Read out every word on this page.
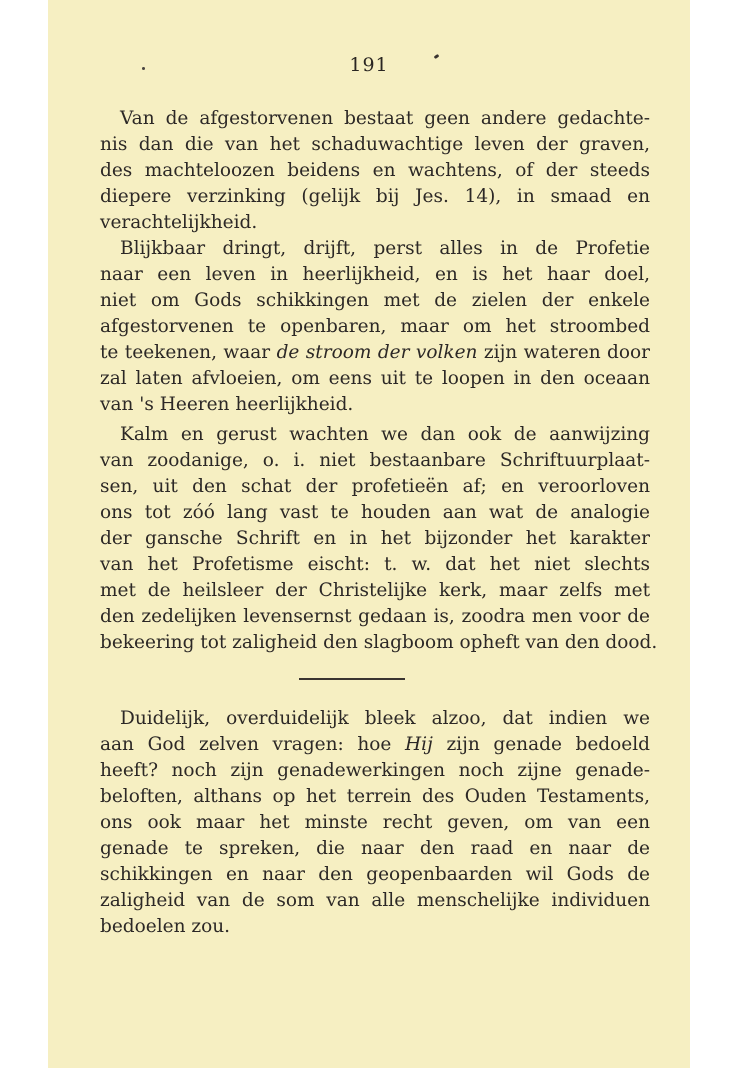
191
Van de afgestorvenen bestaat geen andere gedachte-
nis dan die van het schaduwachtige leven der graven,
des machteloozen beidens en wachtens, of der steeds
diepere verzinking (gelijk bij Jes. 14), in smaad en
verachtelijkheid.
Blijkbaar dringt, drijft, perst alles in de Profetie
naar een leven in heerlijkheid, en is het haar doel,
niet om Gods schikkingen met de zielen der enkele
afgestorvenen te openbaren, maar om het stroombed
te teekenen, waar de stroom der volken zijn wateren door
zal laten afvloeien, om eens uit te loopen in den oceaan
van 's Heeren heerlijkheid.
Kalm en gerust wachten we dan ook de aanwijzing
van zoodanige, o. i. niet bestaanbare Schriftuurplaat-
sen, uit den schat der profetieën af; en veroorloven
ons tot zóó lang vast te houden aan wat de analogie
der gansche Schrift en in het bijzonder het karakter
van het Profetisme eischt: t. w. dat het niet slechts
met de heilsleer der Christelijke kerk, maar zelfs met
den zedelijken levensernst gedaan is, zoodra men voor de
bekeering tot zaligheid den slagboom opheft van den dood.
Duidelijk, overduidelijk bleek alzoo, dat indien we
aan God zelven vragen: hoe Hij zijn genade bedoeld
heeft? noch zijn genadewerkingen noch zijne genade-
beloften, althans op het terrein des Ouden Testaments,
ons ook maar het minste recht geven, om van een
genade te spreken, die naar den raad en naar de
schikkingen en naar den geopenbaarden wil Gods de
zaligheid van de som van alle menschelijke individuen
bedoelen zou.
